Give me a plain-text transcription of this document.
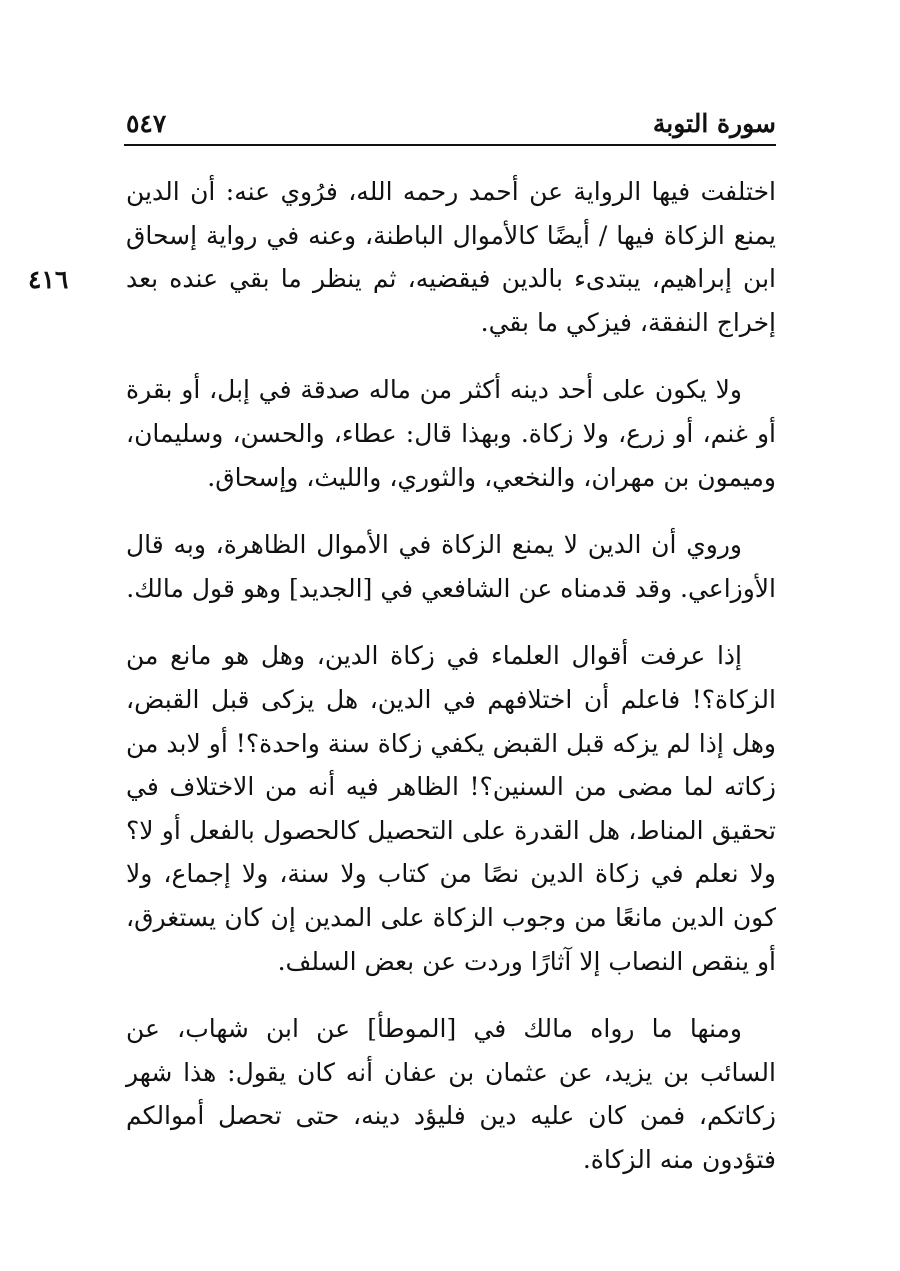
سورة التوبة
٥٤٧
٤١٦

اختلفت فيها الرواية عن أحمد رحمه الله، فرُوي عنه: أن الدين يمنع الزكاة فيها / أيضًا كالأموال الباطنة، وعنه في رواية إسحاق ابن إبراهيم، يبتدىء بالدين فيقضيه، ثم ينظر ما بقي عنده بعد إخراج النفقة، فيزكي ما بقي.

ولا يكون على أحد دينه أكثر من ماله صدقة في إبل، أو بقرة أو غنم، أو زرع، ولا زكاة. وبهذا قال: عطاء، والحسن، وسليمان، وميمون بن مهران، والنخعي، والثوري، والليث، وإسحاق.

وروي أن الدين لا يمنع الزكاة في الأموال الظاهرة، وبه قال الأوزاعي. وقد قدمناه عن الشافعي في [الجديد] وهو قول مالك.

إذا عرفت أقوال العلماء في زكاة الدين، وهل هو مانع من الزكاة؟! فاعلم أن اختلافهم في الدين، هل يزكى قبل القبض، وهل إذا لم يزكه قبل القبض يكفي زكاة سنة واحدة؟! أو لابد من زكاته لما مضى من السنين؟! الظاهر فيه أنه من الاختلاف في تحقيق المناط، هل القدرة على التحصيل كالحصول بالفعل أو لا؟ ولا نعلم في زكاة الدين نصًا من كتاب ولا سنة، ولا إجماع، ولا كون الدين مانعًا من وجوب الزكاة على المدين إن كان يستغرق، أو ينقص النصاب إلا آثارًا وردت عن بعض السلف.

ومنها ما رواه مالك في [الموطأ] عن ابن شهاب، عن السائب بن يزيد، عن عثمان بن عفان أنه كان يقول: هذا شهر زكاتكم، فمن كان عليه دين فليؤد دينه، حتى تحصل أموالكم فتؤدون منه الزكاة.
